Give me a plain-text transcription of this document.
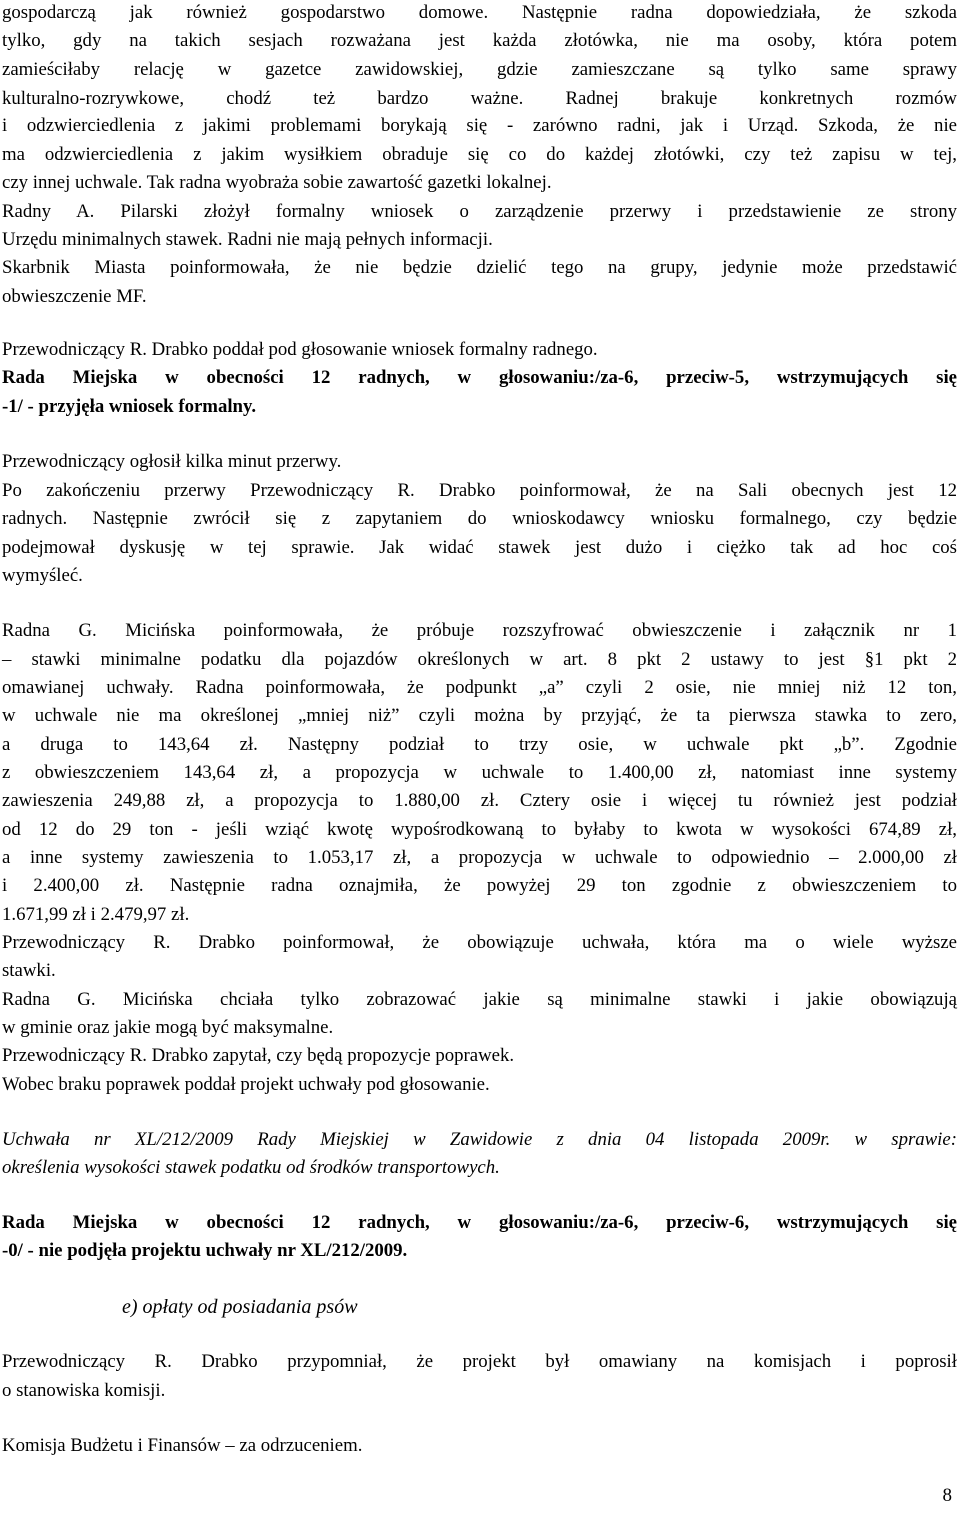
gospodarczą jak również gospodarstwo domowe. Następnie radna dopowiedziała, że szkoda
tylko, gdy na takich sesjach rozważana jest każda złotówka, nie ma osoby, która potem
zamieściłaby relację w gazetce zawidowskiej, gdzie zamieszczane są tylko same sprawy
kulturalno-rozrywkowe, chodź też bardzo ważne. Radnej brakuje konkretnych rozmów
i odzwierciedlenia z jakimi problemami borykają się - zarówno radni, jak i Urząd. Szkoda, że nie
ma odzwierciedlenia z jakim wysiłkiem obraduje się co do każdej złotówki, czy też zapisu w tej,
czy innej uchwale. Tak radna wyobraża sobie zawartość gazetki lokalnej.
Radny A. Pilarski złożył formalny wniosek o zarządzenie przerwy i przedstawienie ze strony
Urzędu minimalnych stawek. Radni nie mają pełnych informacji.
Skarbnik Miasta poinformowała, że nie będzie dzielić tego na grupy, jedynie może przedstawić
obwieszczenie MF.
Przewodniczący R. Drabko poddał pod głosowanie wniosek formalny radnego.
Rada Miejska w obecności 12 radnych, w głosowaniu:/za-6, przeciw-5, wstrzymujących się
-1/ - przyjęła wniosek formalny.
Przewodniczący ogłosił kilka minut przerwy.
Po zakończeniu przerwy Przewodniczący R. Drabko poinformował, że na Sali obecnych jest 12
radnych. Następnie zwrócił się z zapytaniem do wnioskodawcy wniosku formalnego, czy będzie
podejmował dyskusję w tej sprawie. Jak widać stawek jest dużo i ciężko tak ad hoc coś
wymyśleć.
Radna G. Micińska poinformowała, że próbuje rozszyfrować obwieszczenie i załącznik nr 1
– stawki minimalne podatku dla pojazdów określonych w art. 8 pkt 2 ustawy to jest §1 pkt 2
omawianej uchwały. Radna poinformowała, że podpunkt „a” czyli 2 osie, nie mniej niż 12 ton,
w uchwale nie ma określonej „mniej niż” czyli można by przyjąć, że ta pierwsza stawka to zero,
a druga to 143,64 zł. Następny podział to trzy osie, w uchwale pkt „b”. Zgodnie
z obwieszczeniem 143,64 zł, a propozycja w uchwale to 1.400,00 zł, natomiast inne systemy
zawieszenia 249,88 zł, a propozycja to 1.880,00 zł. Cztery osie i więcej tu również jest podział
od 12 do 29 ton - jeśli wziąć kwotę wypośrodkowaną to byłaby to kwota w wysokości 674,89 zł,
a inne systemy zawieszenia to 1.053,17 zł, a propozycja w uchwale to odpowiednio – 2.000,00 zł
i 2.400,00 zł. Następnie radna oznajmiła, że powyżej 29 ton zgodnie z obwieszczeniem to
1.671,99 zł i 2.479,97 zł.
Przewodniczący R. Drabko poinformował, że obowiązuje uchwała, która ma o wiele wyższe
stawki.
Radna G. Micińska chciała tylko zobrazować jakie są minimalne stawki i jakie obowiązują
w gminie oraz jakie mogą być maksymalne.
Przewodniczący R. Drabko zapytał, czy będą propozycje poprawek.
Wobec braku poprawek poddał projekt uchwały pod głosowanie.
Uchwała nr XL/212/2009 Rady Miejskiej w Zawidowie z dnia 04 listopada 2009r. w sprawie:
określenia wysokości stawek podatku od środków transportowych.
Rada Miejska w obecności 12 radnych, w głosowaniu:/za-6, przeciw-6, wstrzymujących się
-0/ - nie podjęła projektu uchwały nr XL/212/2009.
e) opłaty od posiadania psów
Przewodniczący R. Drabko przypomniał, że projekt był omawiany na komisjach i poprosił
o stanowiska komisji.
Komisja Budżetu i Finansów – za odrzuceniem.
8
